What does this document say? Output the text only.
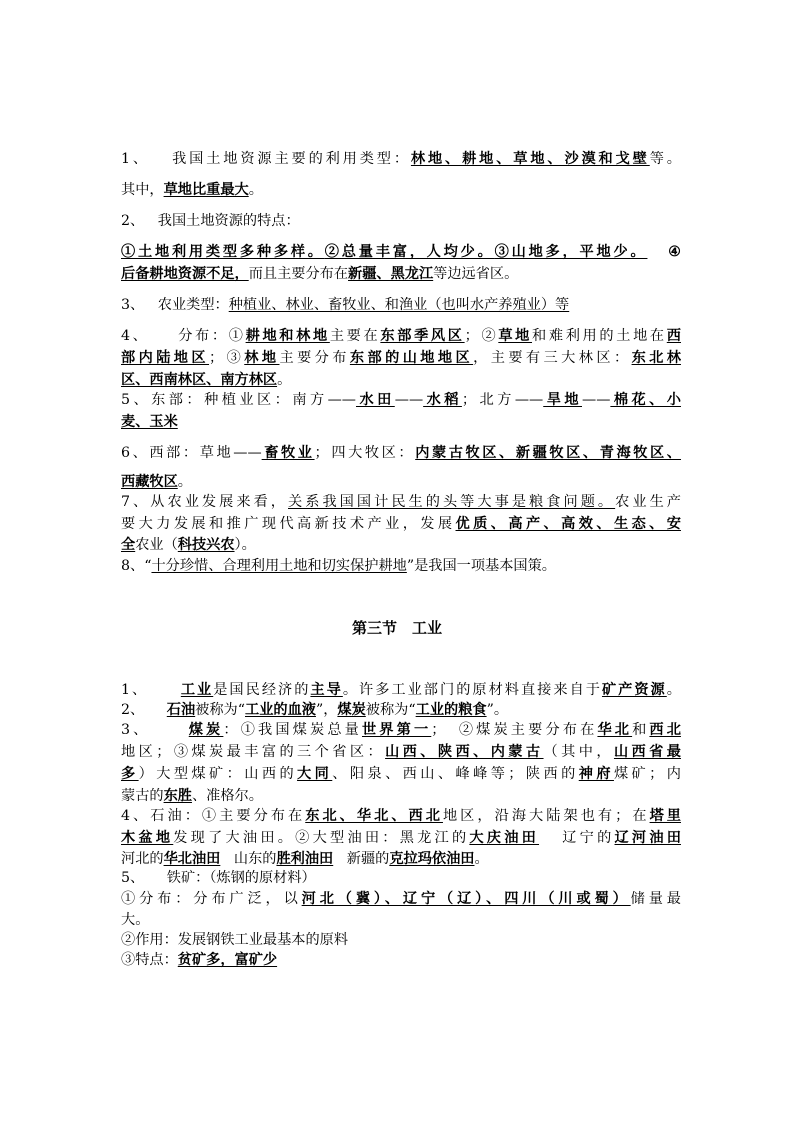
1、 我国土地资源主要的利用类型：林地、耕地、草地、沙漠和戈壁等。
其中，草地比重最大。
2、 我国土地资源的特点：
①土地利用类型多种多样。②总量丰富，人均少。③山地多，平地少。 ④
后备耕地资源不足，而且主要分布在新疆、黑龙江等边远省区。
3、 农业类型：种植业、林业、畜牧业、和渔业（也叫水产养殖业）等
4、 分布：①耕地和林地主要在东部季风区；②草地和难利用的土地在西
部内陆地区；③林地主要分布东部的山地地区，主要有三大林区：东北林
区、西南林区、南方林区。
5、东部：种植业区：南方——水田——水稻；北方——旱地——棉花、小
麦、玉米
6、西部：草地——畜牧业；四大牧区：内蒙古牧区、新疆牧区、青海牧区、
西藏牧区。
7、从农业发展来看，关系我国国计民生的头等大事是粮食问题。农业生产
要大力发展和推广现代高新技术产业，发展优质、高产、高效、生态、安
全农业（科技兴农）。
8、“十分珍惜、合理利用土地和切实保护耕地”是我国一项基本国策。
第三节　工业
1、 工业是国民经济的主导。许多工业部门的原材料直接来自于矿产资源。
2、 石油被称为“工业的血液”，煤炭被称为“工业的粮食”。
3、	煤炭：①我国煤炭总量世界第一；　②煤炭主要分布在华北和西北
地区；③煤炭最丰富的三个省区：山西、陕西、内蒙古（其中，山西省最
多）大型煤矿：山西的大同、阳泉、西山、峰峰等；陕西的神府煤矿；内
蒙古的东胜、准格尔。
4、石油：①主要分布在东北、华北、西北地区，沿海大陆架也有；在塔里
木盆地发现了大油田。②大型油田：黑龙江的大庆油田 辽宁的辽河油田
河北的华北油田 山东的胜利油田 新疆的克拉玛依油田。
5、 铁矿：（炼钢的原材料）
①分布：分布广泛，以河北（冀）、辽宁（辽）、四川（川或蜀）储量最
大。
②作用：发展钢铁工业最基本的原料
③特点：贫矿多，富矿少
